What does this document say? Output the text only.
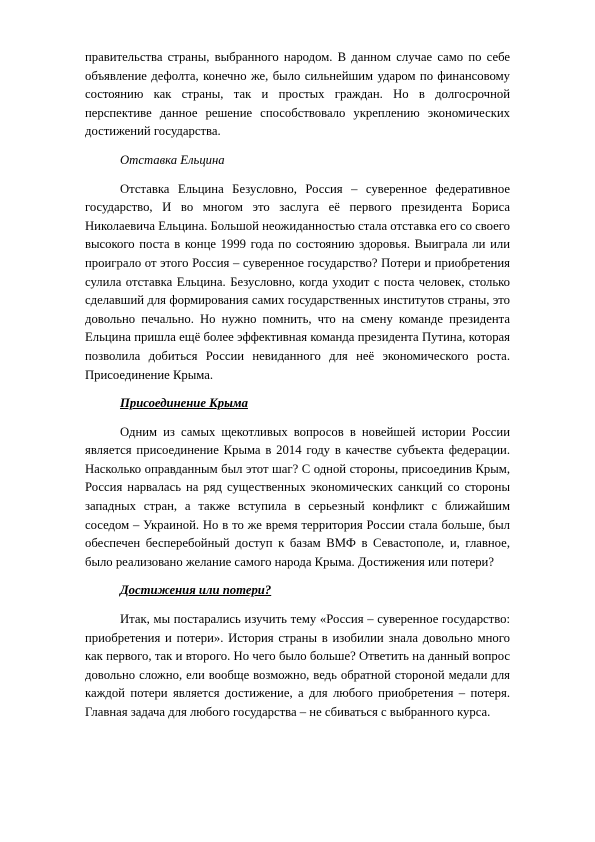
правительства страны, выбранного народом. В данном случае само по себе объявление дефолта, конечно же, было сильнейшим ударом по финансовому состоянию как страны, так и простых граждан. Но в долгосрочной перспективе данное решение способствовало укреплению экономических достижений государства.

Отставка Ельцина

Отставка Ельцина Безусловно, Россия – суверенное федеративное государство, И во многом это заслуга её первого президента Бориса Николаевича Ельцина. Большой неожиданностью стала отставка его со своего высокого поста в конце 1999 года по состоянию здоровья. Выиграла ли или проиграло от этого Россия – суверенное государство? Потери и приобретения сулила отставка Ельцина. Безусловно, когда уходит с поста человек, столько сделавший для формирования самих государственных институтов страны, это довольно печально. Но нужно помнить, что на смену команде президента Ельцина пришла ещё более эффективная команда президента Путина, которая позволила добиться России невиданного для неё экономического роста. Присоединение Крыма.

Присоединение Крыма

Одним из самых щекотливых вопросов в новейшей истории России является присоединение Крыма в 2014 году в качестве субъекта федерации. Насколько оправданным был этот шаг? С одной стороны, присоединив Крым, Россия нарвалась на ряд существенных экономических санкций со стороны западных стран, а также вступила в серьезный конфликт с ближайшим соседом – Украиной. Но в то же время территория России стала больше, был обеспечен бесперебойный доступ к базам ВМФ в Севастополе, и, главное, было реализовано желание самого народа Крыма. Достижения или потери?

Достижения или потери?

Итак, мы постарались изучить тему «Россия – суверенное государство: приобретения и потери». История страны в изобилии знала довольно много как первого, так и второго. Но чего было больше? Ответить на данный вопрос довольно сложно, ели вообще возможно, ведь обратной стороной медали для каждой потери является достижение, а для любого приобретения – потеря. Главная задача для любого государства – не сбиваться с выбранного курса.
